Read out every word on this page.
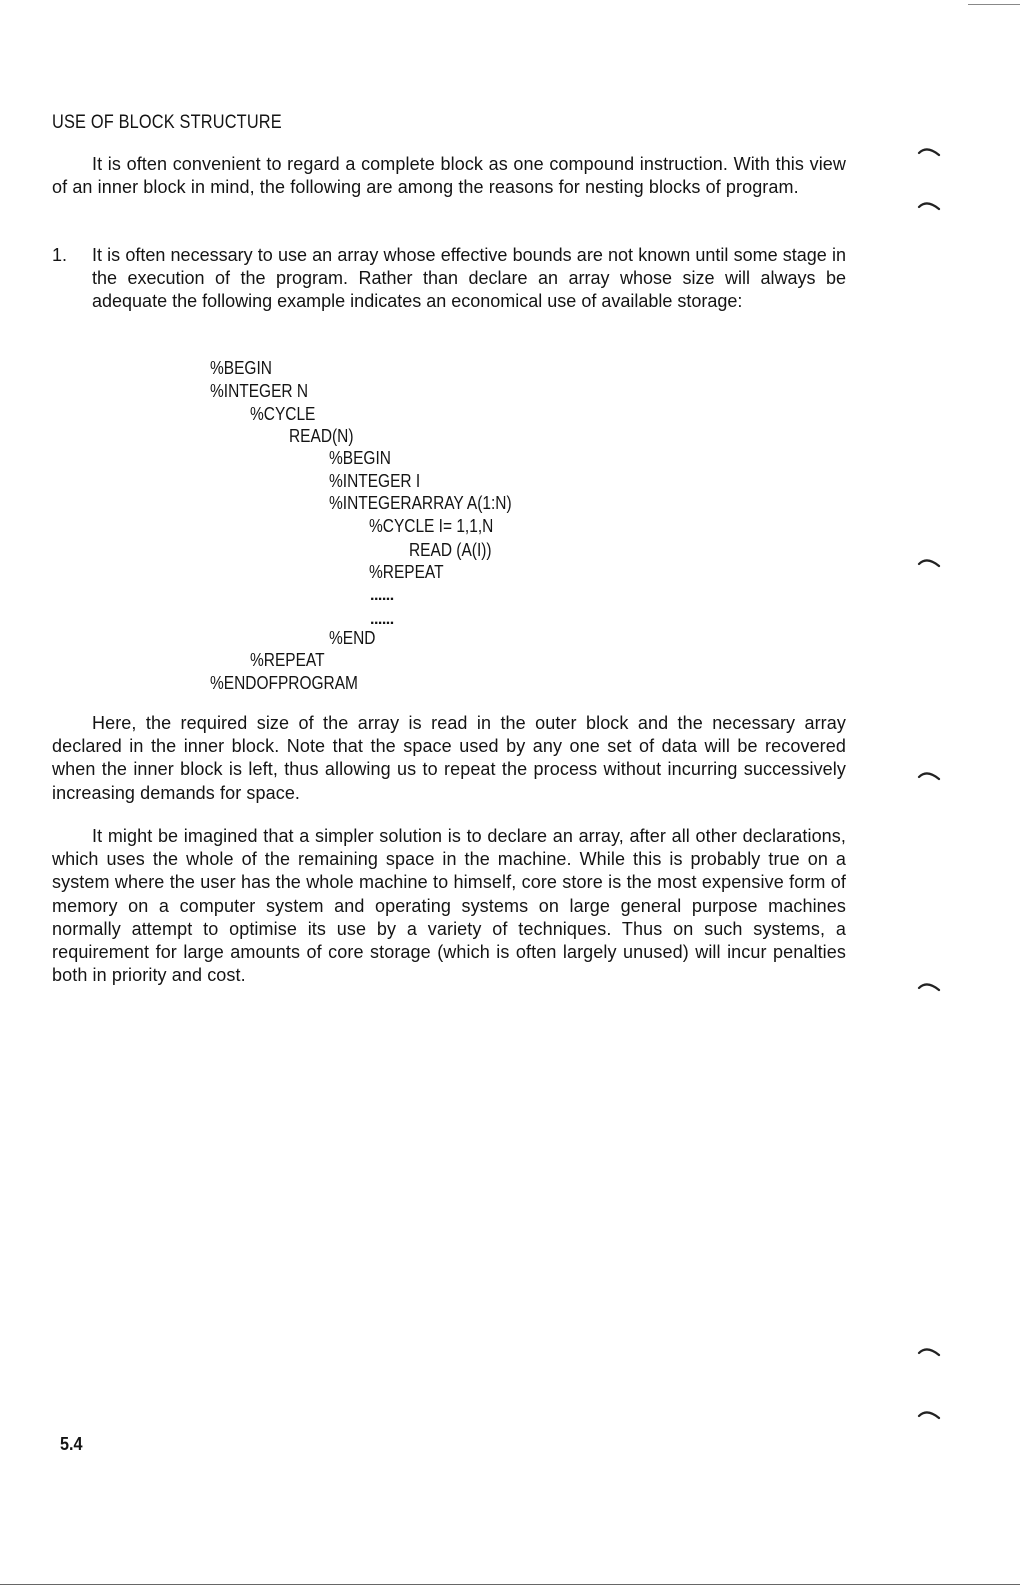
USE OF BLOCK STRUCTURE

It is often convenient to regard a complete block as one compound instruction. With this view of an inner block in mind, the following are among the reasons for nesting blocks of program.

1. It is often necessary to use an array whose effective bounds are not known until some stage in the execution of the program. Rather than declare an array whose size will always be adequate the following example indicates an economical use of available storage:

%BEGIN
%INTEGER N
%CYCLE
READ(N)
%BEGIN
%INTEGER I
%INTEGERARRAY A(1:N)
%CYCLE I= 1,1,N
READ (A(I))
%REPEAT
......
......
%END
%REPEAT
%ENDOFPROGRAM

Here, the required size of the array is read in the outer block and the necessary array declared in the inner block. Note that the space used by any one set of data will be recovered when the inner block is left, thus allowing us to repeat the process without incurring successively increasing demands for space.

It might be imagined that a simpler solution is to declare an array, after all other declarations, which uses the whole of the remaining space in the machine. While this is probably true on a system where the user has the whole machine to himself, core store is the most expensive form of memory on a computer system and operating systems on large general purpose machines normally attempt to optimise its use by a variety of techniques. Thus on such systems, a requirement for large amounts of core storage (which is often largely unused) will incur penalties both in priority and cost.

5.4
